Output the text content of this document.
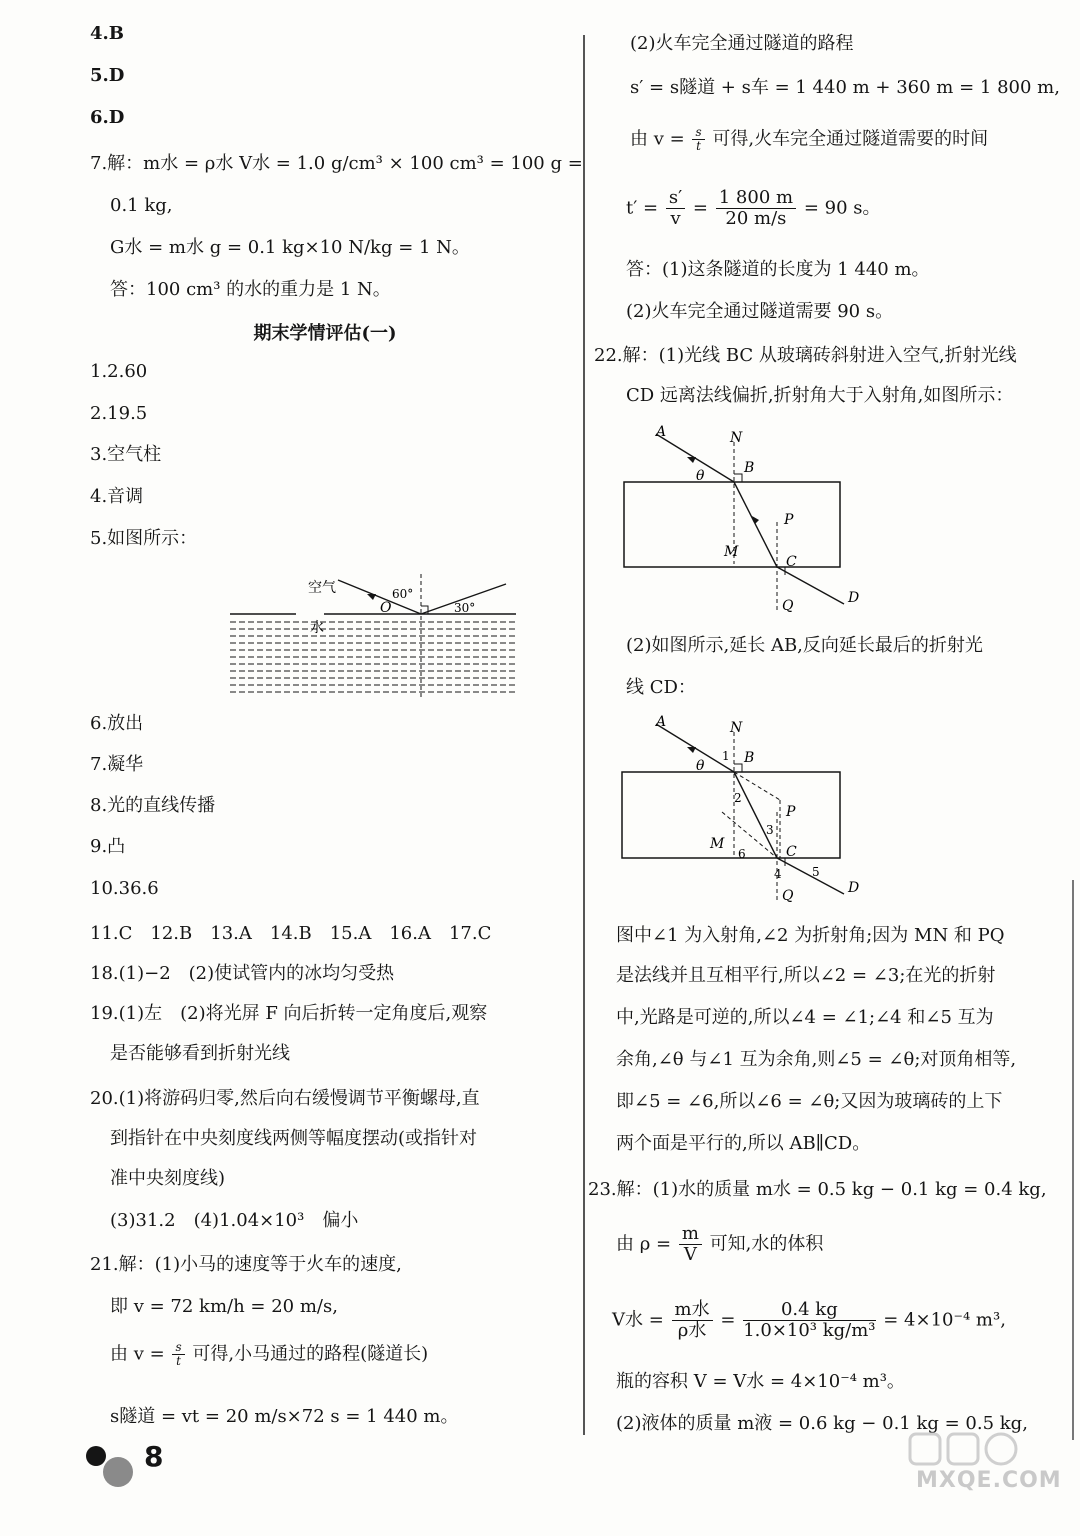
4.B
5.D
6.D
7.解：m水 = ρ水 V水 = 1.0 g/cm³ × 100 cm³ = 100 g =
0.1 kg,
G水 = m水 g = 0.1 kg×10 N/kg = 1 N。
答：100 cm³ 的水的重力是 1 N。
期末学情评估(一)
1.2.60
2.19.5
3.空气柱
4.音调
5.如图所示：
空气
水
O
60°
30°
6.放出
7.凝华
8.光的直线传播
9.凸
10.36.6
11.C　12.B　13.A　14.B　15.A　16.A　17.C
18.(1)−2　(2)使试管内的冰均匀受热
19.(1)左　(2)将光屏 F 向后折转一定角度后,观察
是否能够看到折射光线
20.(1)将游码归零,然后向右缓慢调节平衡螺母,直
到指针在中央刻度线两侧等幅度摆动(或指针对
准中央刻度线)
(3)31.2　(4)1.04×10³　偏小
21.解：(1)小马的速度等于火车的速度,
即 v = 72 km/h = 20 m/s,
由 $v = \frac{s}{t}$ 可得,小马通过的路程(隧道长)
s隧道 = vt = 20 m/s×72 s = 1 440 m。
(2)火车完全通过隧道的路程
s′ = s隧道 + s车 = 1 440 m + 360 m = 1 800 m,
由 $v = \frac{s}{t}$ 可得,火车完全通过隧道需要的时间
$t' = \frac{s'}{v} = \frac{1 800 m}{20 m/s} = 90$ s。
答：(1)这条隧道的长度为 1 440 m。
(2)火车完全通过隧道需要 90 s。
22.解：(1)光线 BC 从玻璃砖斜射进入空气,折射光线
CD 远离法线偏折,折射角大于入射角,如图所示：
A	N
B
θ
P
M
C
Q	D
(2)如图所示,延长 AB,反向延长最后的折射光
线 CD：
A	N
B
θ
P
M	C
Q	D
1
2
3
4	5
6
图中∠1 为入射角,∠2 为折射角;因为 MN 和 PQ
是法线并且互相平行,所以∠2 = ∠3;在光的折射
中,光路是可逆的,所以∠4 = ∠1;∠4 和∠5 互为
余角,∠θ 与∠1 互为余角,则∠5 = ∠θ;对顶角相等,
即∠5 = ∠6,所以∠6 = ∠θ;又因为玻璃砖的上下
两个面是平行的,所以 AB∥CD。
23.解：(1)水的质量 m水 = 0.5 kg − 0.1 kg = 0.4 kg,
由 $\rho = \frac{m}{V}$ 可知,水的体积
V水 = $\frac{\text{m水}}{\text{ρ水}} = \frac{0.4 kg}{\text{1.0×10³ kg/m³}} = 4\times 10^{-4}$ m³,
瓶的容积 V = V水 = 4×10⁻⁴ m³。
(2)液体的质量 m液 = 0.6 kg − 0.1 kg = 0.5 kg,
8
MXQE.COM
